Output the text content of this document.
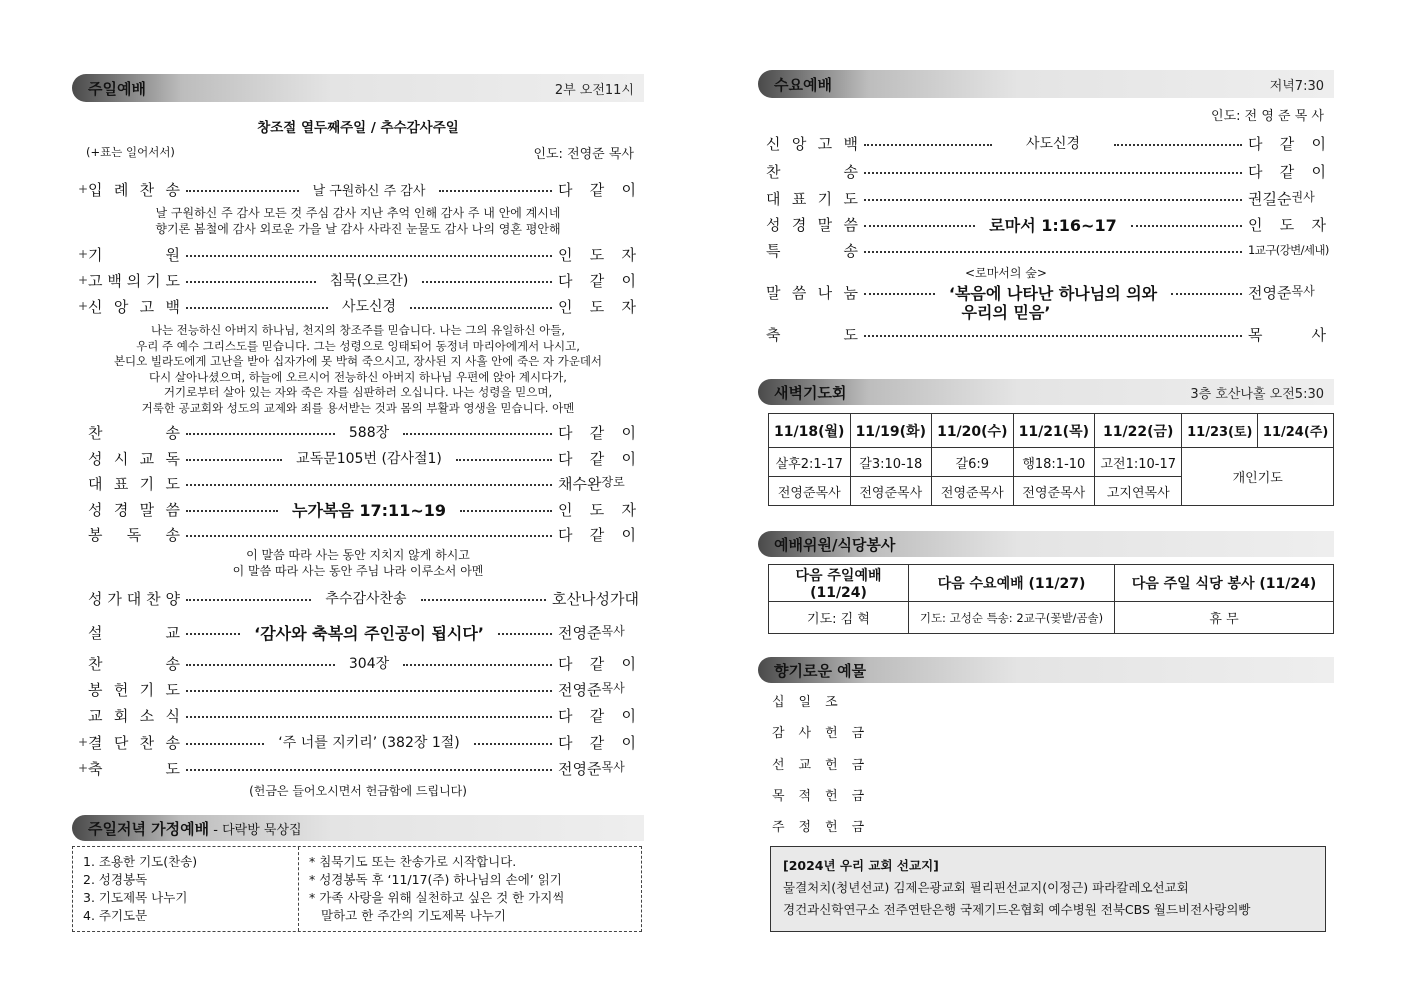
주일예배	2부 오전11시
창조절 열두째주일 / 추수감사주일
(+표는 일어서서)	인도: 전영준 목사
+ 입 례 찬 송	날 구원하신 주 감사	다 같 이
날 구원하신 주 감사 모든 것 주심 감사 지난 추억 인해 감사 주 내 안에 계시네
향기론 봄철에 감사 외로운 가을 날 감사 사라진 눈물도 감사 나의 영혼 평안해
+ 기	원	인 도 자
+ 고 백 의 기 도	침묵(오르간)	다 같 이
+ 신 앙 고 백	사도신경	인 도 자
나는 전능하신 아버지 하나님, 천지의 창조주를 믿습니다. 나는 그의 유일하신 아들,
우리 주 예수 그리스도를 믿습니다. 그는 성령으로 잉태되어 동정녀 마리아에게서 나시고,
본디오 빌라도에게 고난을 받아 십자가에 못 박혀 죽으시고, 장사된 지 사흘 안에 죽은 자 가운데서
다시 살아나셨으며, 하늘에 오르시어 전능하신 아버지 하나님 우편에 앉아 계시다가,
거기로부터 살아 있는 자와 죽은 자를 심판하러 오십니다. 나는 성령을 믿으며,
거룩한 공교회와 성도의 교제와 죄를 용서받는 것과 몸의 부활과 영생을 믿습니다. 아멘
찬	송	588장	다 같 이
성 시 교 독	교독문105번 (감사절1)	다 같 이
대 표 기 도	채수완 장로
성 경 말 씀	누가복음 17:11~19	인 도 자
봉 독 송	다 같 이
이 말씀 따라 사는 동안 지치지 않게 하시고
이 말씀 따라 사는 동안 주님 나라 이루소서 아멘
성 가 대 찬 양	추수감사찬송	호 산 나 성 가 대
설	교	‘감사와 축복의 주인공이 됩시다’	전영준 목사
찬	송	304장	다 같 이
봉 헌 기 도	전영준 목사
교 회 소 식	다 같 이
+ 결 단 찬 송	‘주 너를 지키리’ (382장 1절)	다 같 이
+ 축	도	전영준 목사
(헌금은 들어오시면서 헌금함에 드립니다)
주일저녁 가정예배 - 다락방 묵상집
1. 조용한 기도(찬송)
2. 성경봉독
3. 기도제목 나누기
4. 주기도문
* 침묵기도 또는 찬송가로 시작합니다.
* 성경봉독 후 ‘11/17(주) 하나님의 손에’ 읽기
* 가족 사랑을 위해 실천하고 싶은 것 한 가지씩
말하고 한 주간의 기도제목 나누기
수요예배	저녁7:30
인도: 전 영 준 목 사
신 앙 고 백	사도신경	다 같 이
찬	송	다 같 이
대 표 기 도	권길순 권사
성 경 말 씀	로마서 1:16~17	인 도 자
특	송	1교구(강변/세내)
<로마서의 숲>
말 씀 나 눔	‘복음에 나타난 하나님의 의와	전영준 목사
우리의 믿음’
축	도	목	사
새벽기도회	3층 호산나홀 오전5:30
11/18(월)	11/19(화)	11/20(수)	11/21(목)	11/22(금)	11/23(토)	11/24(주)
살후2:1-17	갈3:10-18	갈6:9	행18:1-10	고전1:10-17	개인기도	
전영준목사	전영준목사	전영준목사	전영준목사	고지연목사		
예배위원/식당봉사
다음 주일예배 (11/24)	다음 수요예배 (11/27)	다음 주일 식당 봉사 (11/24)
기도: 김 혁	기도: 고성순 특송: 2교구(꽃밭/곰솔)	휴 무
향기로운 예물
십일조
감사헌금
선교헌금
목적헌금
주정헌금
[2024년 우리 교회 선교지]
물결처치(청년선교) 김제은광교회 필리핀선교지(이정근) 파라칼레오선교회
경건과신학연구소 전주연탄은행 국제기드온협회 예수병원 전북CBS 월드비전사랑의빵
